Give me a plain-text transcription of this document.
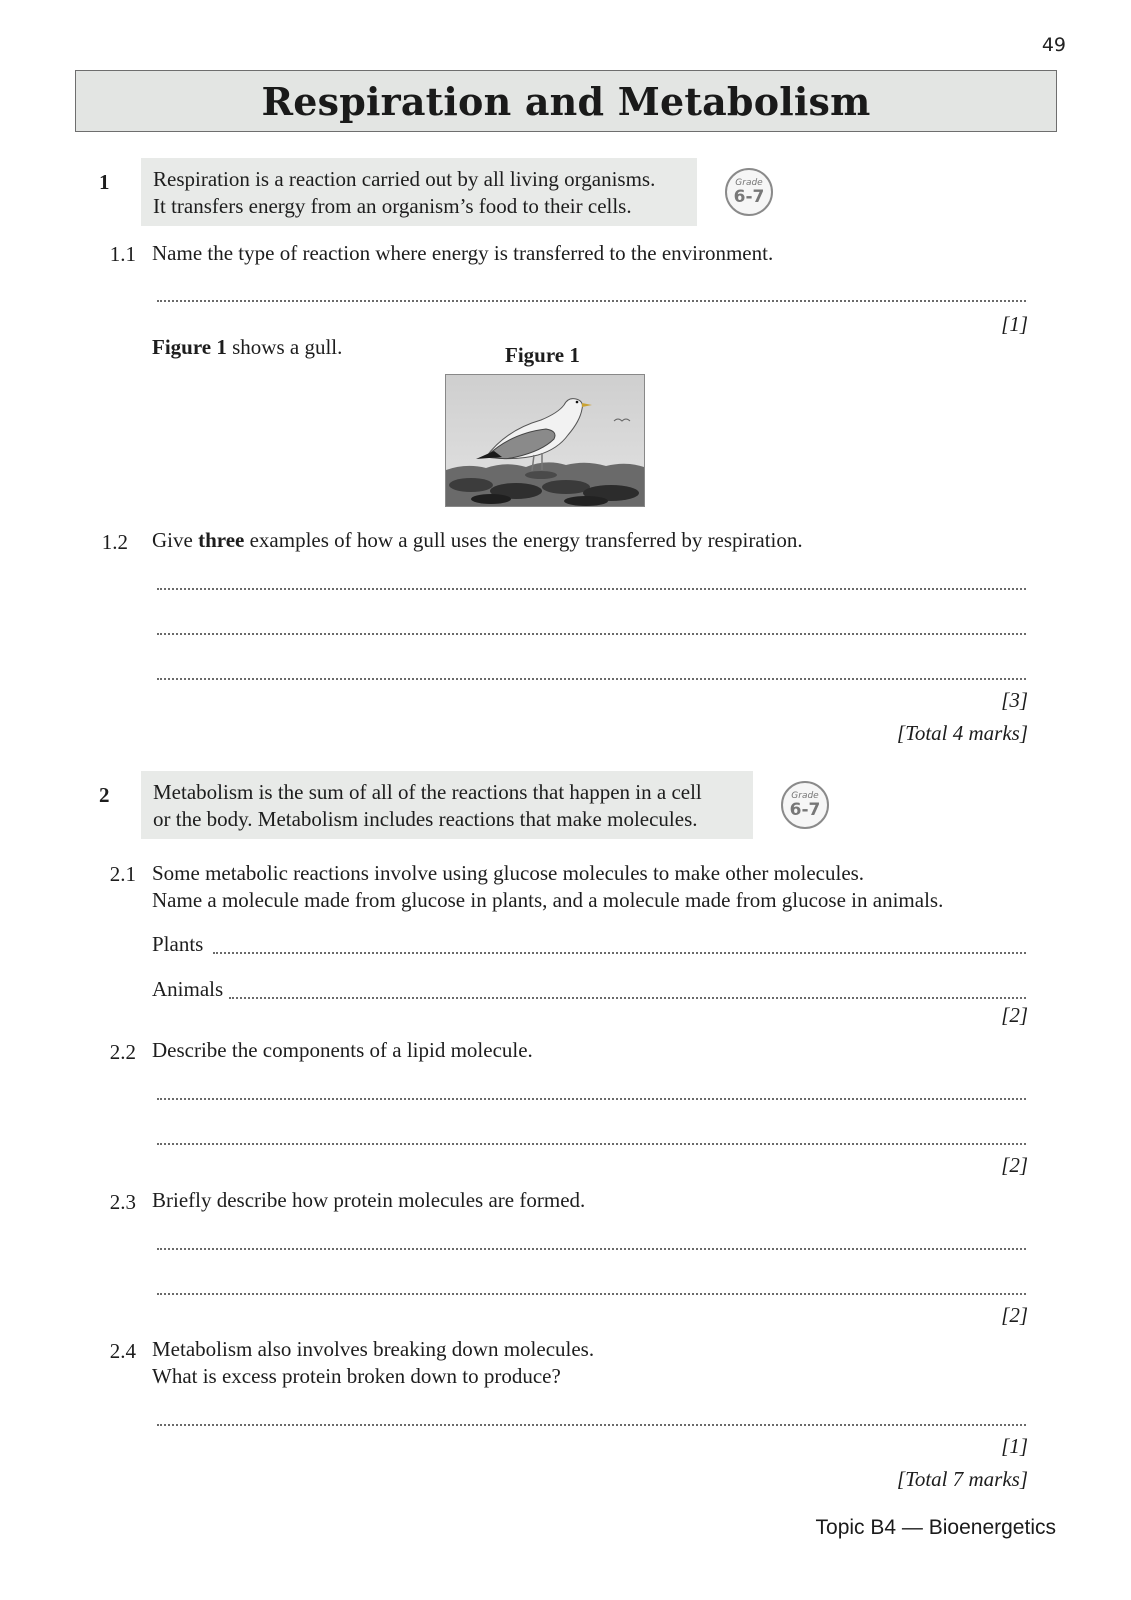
49
Respiration and Metabolism
1 Respiration is a reaction carried out by all living organisms.
It transfers energy from an organism’s food to their cells.
Grade
6-7
1.1 Name the type of reaction where energy is transferred to the environment.
[1]
Figure 1 shows a gull.	Figure 1
1.2 Give three examples of how a gull uses the energy transferred by respiration.
[3]
[Total 4 marks]
2 Metabolism is the sum of all of the reactions that happen in a cell
or the body. Metabolism includes reactions that make molecules.
Grade
6-7
2.1 Some metabolic reactions involve using glucose molecules to make other molecules.
Name a molecule made from glucose in plants, and a molecule made from glucose in animals.
Plants
Animals
[2]
2.2 Describe the components of a lipid molecule.
[2]
2.3 Briefly describe how protein molecules are formed.
[2]
2.4 Metabolism also involves breaking down molecules.
What is excess protein broken down to produce?
[1]
[Total 7 marks]
Topic B4 — Bioenergetics
